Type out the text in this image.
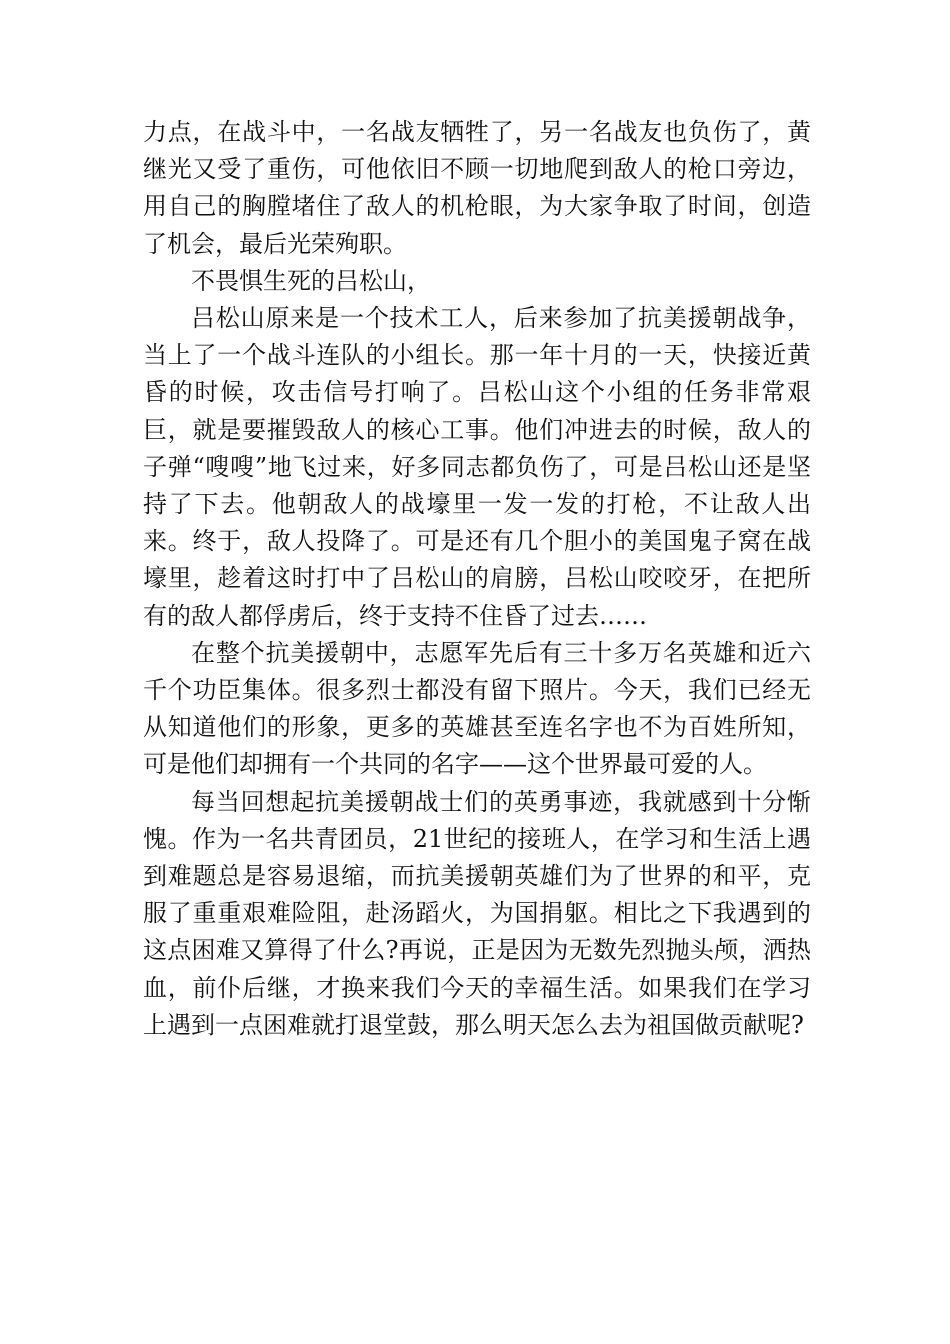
力点，在战斗中，一名战友牺牲了，另一名战友也负伤了，黄继光又受了重伤，可他依旧不顾一切地爬到敌人的枪口旁边，用自己的胸膛堵住了敌人的机枪眼，为大家争取了时间，创造了机会，最后光荣殉职。

不畏惧生死的吕松山，

吕松山原来是一个技术工人，后来参加了抗美援朝战争，当上了一个战斗连队的小组长。那一年十月的一天，快接近黄昏的时候，攻击信号打响了。吕松山这个小组的任务非常艰巨，就是要摧毁敌人的核心工事。他们冲进去的时候，敌人的子弹“嗖嗖”地飞过来，好多同志都负伤了，可是吕松山还是坚持了下去。他朝敌人的战壕里一发一发的打枪，不让敌人出来。终于，敌人投降了。可是还有几个胆小的美国鬼子窝在战壕里，趁着这时打中了吕松山的肩膀，吕松山咬咬牙，在把所有的敌人都俘虏后，终于支持不住昏了过去……

在整个抗美援朝中，志愿军先后有三十多万名英雄和近六千个功臣集体。很多烈士都没有留下照片。今天，我们已经无从知道他们的形象，更多的英雄甚至连名字也不为百姓所知，可是他们却拥有一个共同的名字——这个世界最可爱的人。

每当回想起抗美援朝战士们的英勇事迹，我就感到十分惭愧。作为一名共青团员，21世纪的接班人，在学习和生活上遇到难题总是容易退缩，而抗美援朝英雄们为了世界的和平，克服了重重艰难险阻，赴汤蹈火，为国捐躯。相比之下我遇到的这点困难又算得了什么?再说，正是因为无数先烈抛头颅，洒热血，前仆后继，才换来我们今天的幸福生活。如果我们在学习上遇到一点困难就打退堂鼓，那么明天怎么去为祖国做贡献呢?
